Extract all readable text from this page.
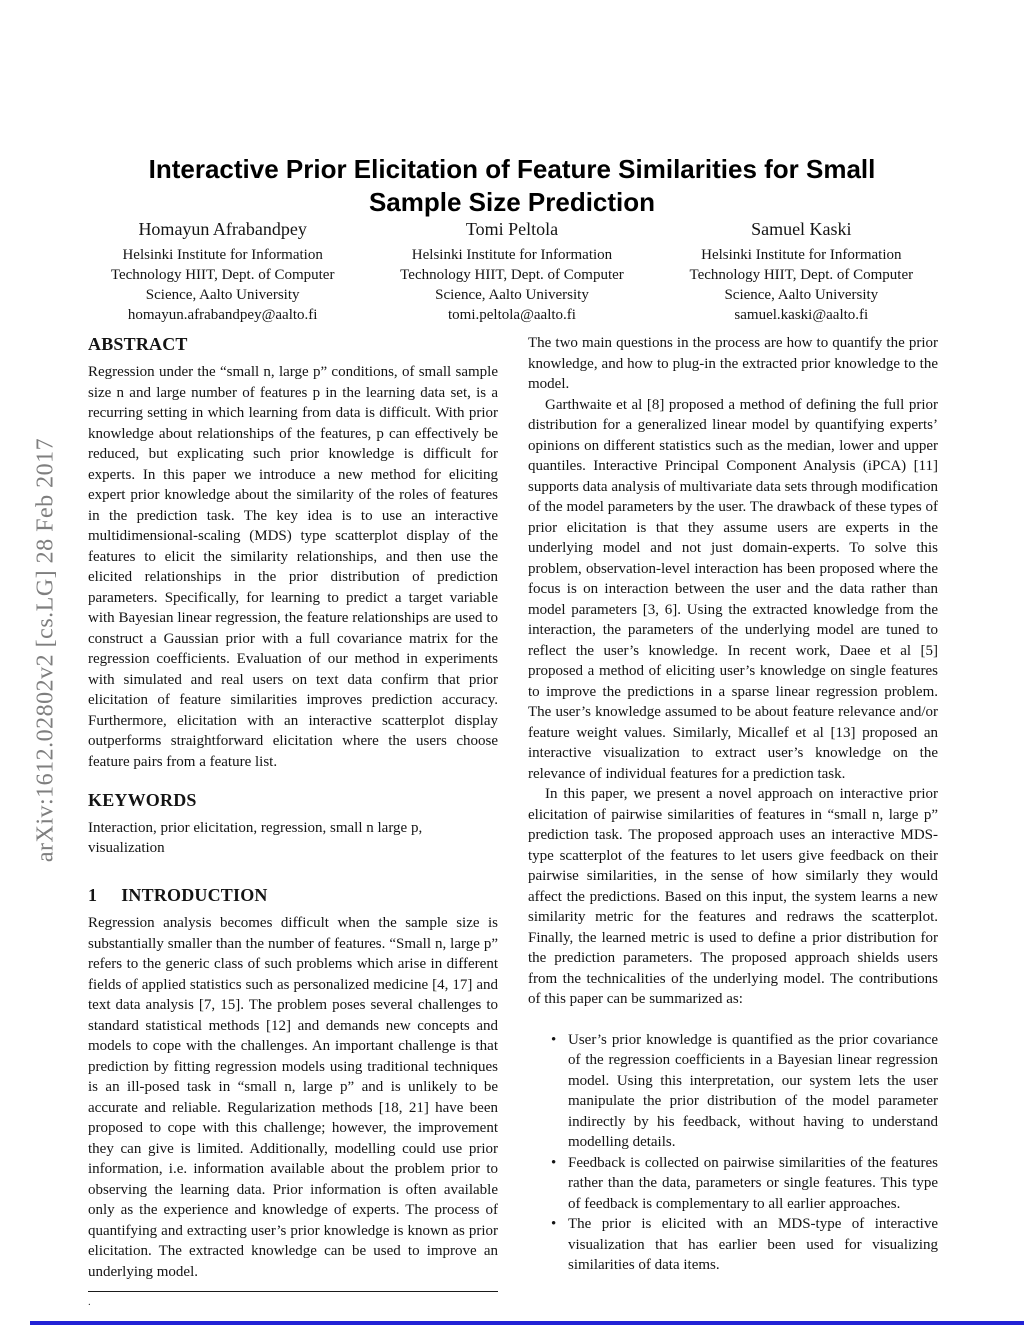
arXiv:1612.02802v2 [cs.LG] 28 Feb 2017
Interactive Prior Elicitation of Feature Similarities for Small Sample Size Prediction
Homayun Afrabandpey
Helsinki Institute for Information
Technology HIIT, Dept. of Computer
Science, Aalto University
homayun.afrabandpey@aalto.fi
Tomi Peltola
Helsinki Institute for Information
Technology HIIT, Dept. of Computer
Science, Aalto University
tomi.peltola@aalto.fi
Samuel Kaski
Helsinki Institute for Information
Technology HIIT, Dept. of Computer
Science, Aalto University
samuel.kaski@aalto.fi
ABSTRACT

Regression under the “small n, large p” conditions, of small sample size n and large number of features p in the learning data set, is a recurring setting in which learning from data is difficult. With prior knowledge about relationships of the features, p can effectively be reduced, but explicating such prior knowledge is difficult for experts. In this paper we introduce a new method for eliciting expert prior knowledge about the similarity of the roles of features in the prediction task. The key idea is to use an interactive multidimensional-scaling (MDS) type scatterplot display of the features to elicit the similarity relationships, and then use the elicited relationships in the prior distribution of prediction parameters. Specifically, for learning to predict a target variable with Bayesian linear regression, the feature relationships are used to construct a Gaussian prior with a full covariance matrix for the regression coefficients. Evaluation of our method in experiments with simulated and real users on text data confirm that prior elicitation of feature similarities improves prediction accuracy. Furthermore, elicitation with an interactive scatterplot display outperforms straightforward elicitation where the users choose feature pairs from a feature list.

KEYWORDS

Interaction, prior elicitation, regression, small n large p, visualization

1 INTRODUCTION

Regression analysis becomes difficult when the sample size is substantially smaller than the number of features. “Small n, large p” refers to the generic class of such problems which arise in different fields of applied statistics such as personalized medicine [4, 17] and text data analysis [7, 15]. The problem poses several challenges to standard statistical methods [12] and demands new concepts and models to cope with the challenges. An important challenge is that prediction by fitting regression models using traditional techniques is an ill-posed task in “small n, large p” and is unlikely to be accurate and reliable. Regularization methods [18, 21] have been proposed to cope with this challenge; however, the improvement they can give is limited. Additionally, modelling could use prior information, i.e. information available about the problem prior to observing the learning data. Prior information is often available only as the experience and knowledge of experts. The process of quantifying and extracting user’s prior knowledge is known as prior elicitation. The extracted knowledge can be used to improve an underlying model.

.

The two main questions in the process are how to quantify the prior knowledge, and how to plug-in the extracted prior knowledge to the model.

Garthwaite et al [8] proposed a method of defining the full prior distribution for a generalized linear model by quantifying experts’ opinions on different statistics such as the median, lower and upper quantiles. Interactive Principal Component Analysis (iPCA) [11] supports data analysis of multivariate data sets through modification of the model parameters by the user. The drawback of these types of prior elicitation is that they assume users are experts in the underlying model and not just domain-experts. To solve this problem, observation-level interaction has been proposed where the focus is on interaction between the user and the data rather than model parameters [3, 6]. Using the extracted knowledge from the interaction, the parameters of the underlying model are tuned to reflect the user’s knowledge. In recent work, Daee et al [5] proposed a method of eliciting user’s knowledge on single features to improve the predictions in a sparse linear regression problem. The user’s knowledge assumed to be about feature relevance and/or feature weight values. Similarly, Micallef et al [13] proposed an interactive visualization to extract user’s knowledge on the relevance of individual features for a prediction task.

In this paper, we present a novel approach on interactive prior elicitation of pairwise similarities of features in “small n, large p” prediction task. The proposed approach uses an interactive MDS-type scatterplot of the features to let users give feedback on their pairwise similarities, in the sense of how similarly they would affect the predictions. Based on this input, the system learns a new similarity metric for the features and redraws the scatterplot. Finally, the learned metric is used to define a prior distribution for the prediction parameters. The proposed approach shields users from the technicalities of the underlying model. The contributions of this paper can be summarized as:

• User’s prior knowledge is quantified as the prior covariance of the regression coefficients in a Bayesian linear regression model. Using this interpretation, our system lets the user manipulate the prior distribution of the model parameter indirectly by his feedback, without having to understand modelling details.
• Feedback is collected on pairwise similarities of the features rather than the data, parameters or single features. This type of feedback is complementary to all earlier approaches.
• The prior is elicited with an MDS-type of interactive visualization that has earlier been used for visualizing similarities of data items.
